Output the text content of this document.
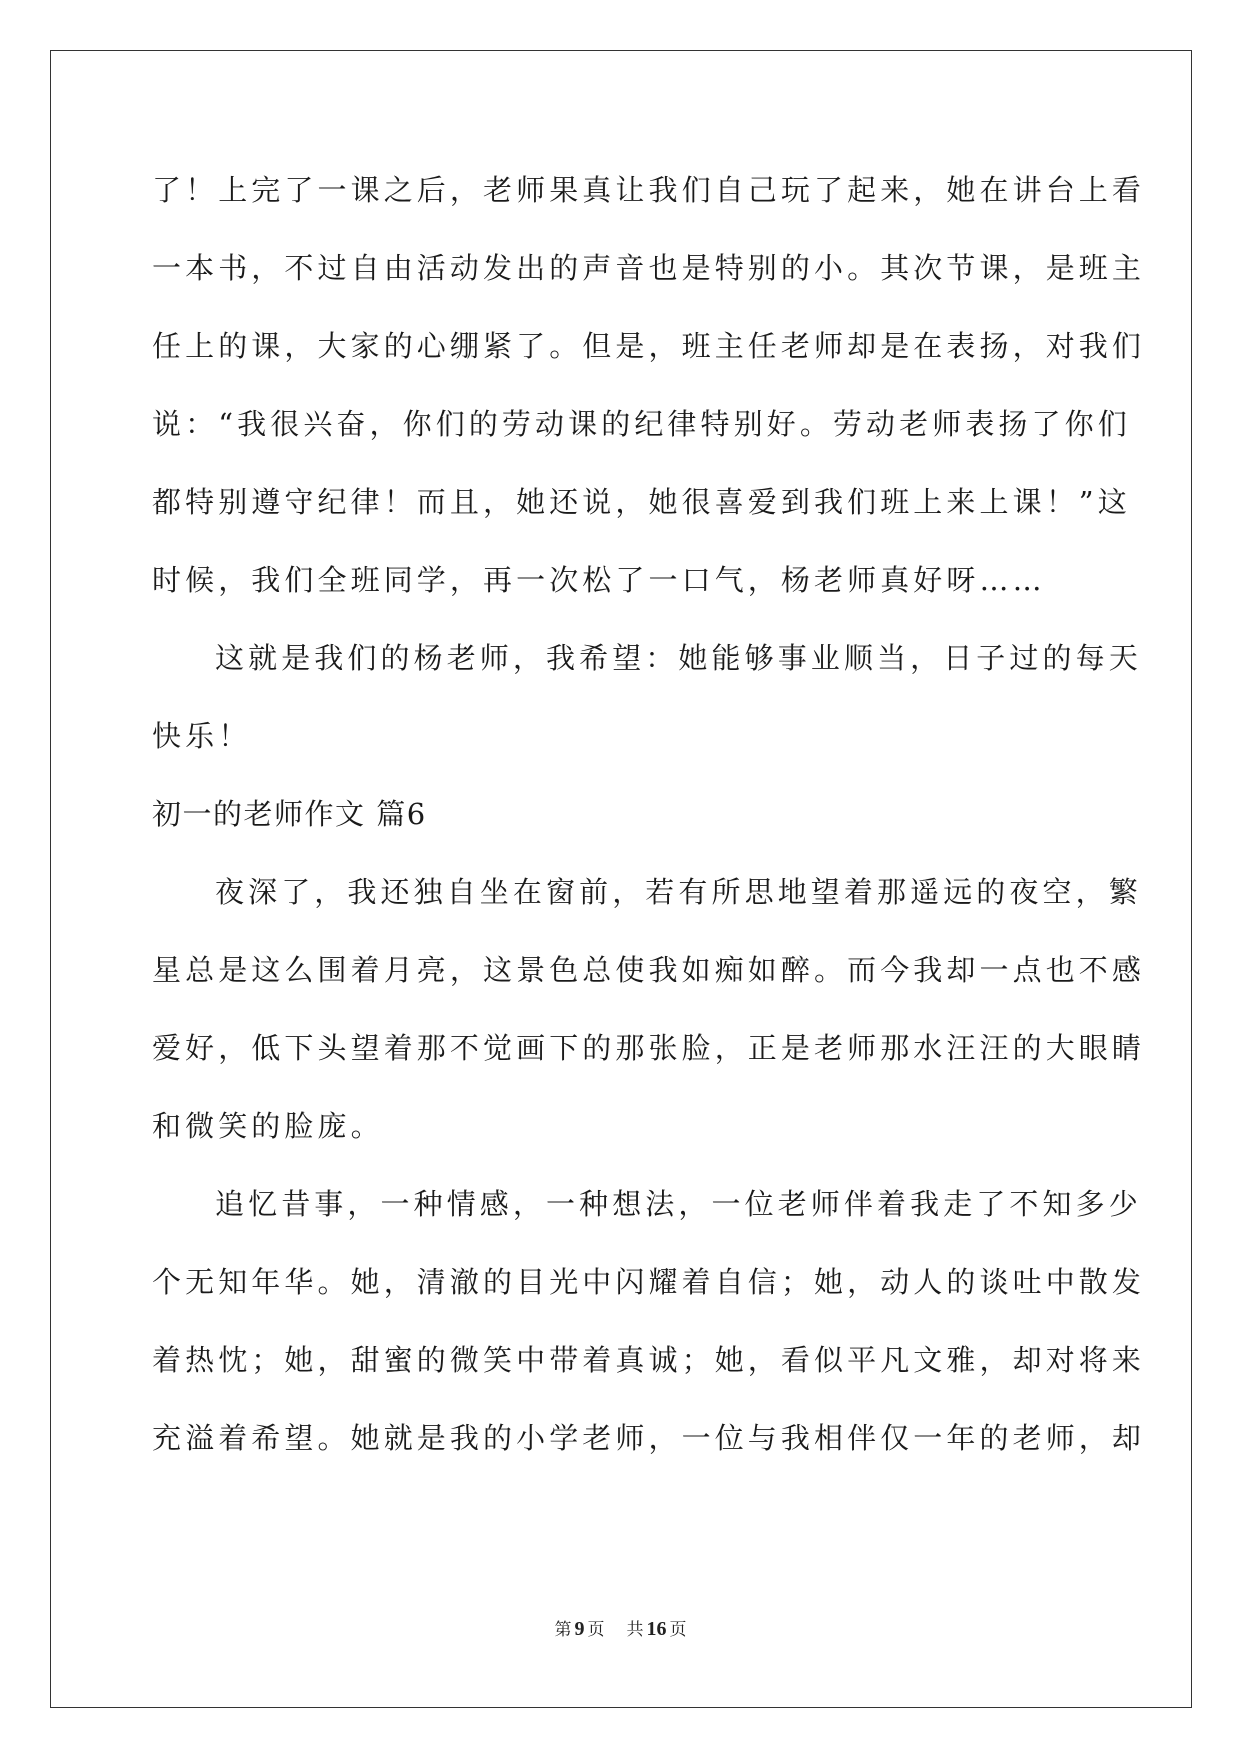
了！上完了一课之后，老师果真让我们自己玩了起来，她在讲台上看
一本书，不过自由活动发出的声音也是特别的小。其次节课，是班主
任上的课，大家的心绷紧了。但是，班主任老师却是在表扬，对我们
说：“我很兴奋，你们的劳动课的纪律特别好。劳动老师表扬了你们
都特别遵守纪律！而且，她还说，她很喜爱到我们班上来上课！”这
时候，我们全班同学，再一次松了一口气，杨老师真好呀……
这就是我们的杨老师，我希望：她能够事业顺当，日子过的每天
快乐！
初一的老师作文 篇6
夜深了，我还独自坐在窗前，若有所思地望着那遥远的夜空，繁
星总是这么围着月亮，这景色总使我如痴如醉。而今我却一点也不感
爱好，低下头望着那不觉画下的那张脸，正是老师那水汪汪的大眼睛
和微笑的脸庞。
追忆昔事，一种情感，一种想法，一位老师伴着我走了不知多少
个无知年华。她，清澈的目光中闪耀着自信；她，动人的谈吐中散发
着热忱；她，甜蜜的微笑中带着真诚；她，看似平凡文雅，却对将来
充溢着希望。她就是我的小学老师，一位与我相伴仅一年的老师，却
第 9 页 共 16 页
